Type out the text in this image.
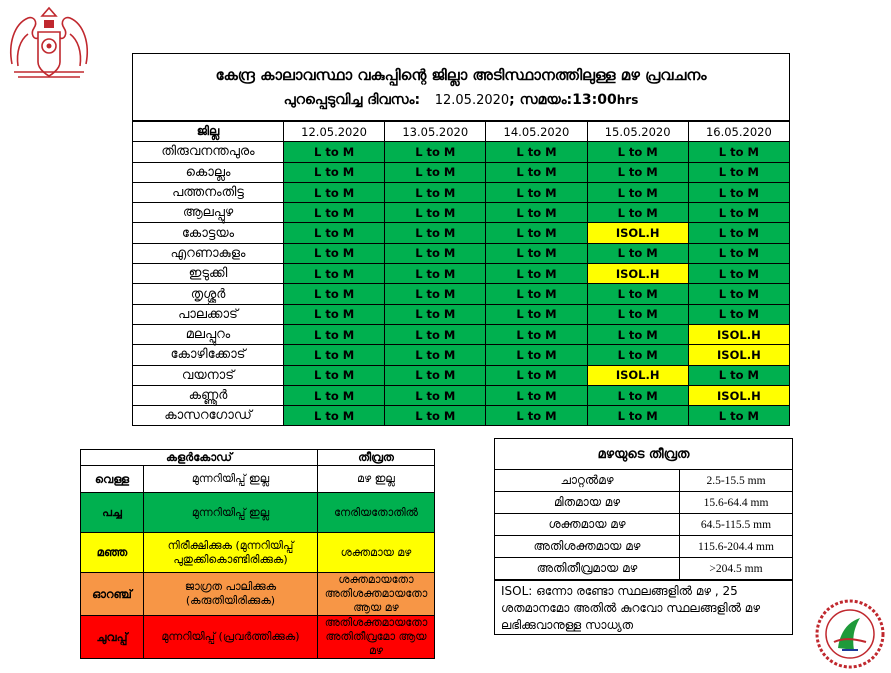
കേന്ദ്ര കാലാവസ്ഥാ വകുപ്പിന്റെ ജില്ലാ അടിസ്ഥാനത്തിലുള്ള മഴ പ്രവചനം
പുറപ്പെടുവിച്ച ദിവസം: 12.05.2020; സമയം:13:00hrs
ജില്ല	12.05.2020	13.05.2020	14.05.2020	15.05.2020	16.05.2020
തിരുവനന്തപുരം	L to M	L to M	L to M	L to M	L to M
കൊല്ലം	L to M	L to M	L to M	L to M	L to M
പത്തനംതിട്ട	L to M	L to M	L to M	L to M	L to M
ആലപ്പുഴ	L to M	L to M	L to M	L to M	L to M
കോട്ടയം	L to M	L to M	L to M	ISOL.H	L to M
എറണാകുളം	L to M	L to M	L to M	L to M	L to M
ഇടുക്കി	L to M	L to M	L to M	ISOL.H	L to M
തൃശ്ശൂർ	L to M	L to M	L to M	L to M	L to M
പാലക്കാട്	L to M	L to M	L to M	L to M	L to M
മലപ്പുറം	L to M	L to M	L to M	L to M	ISOL.H
കോഴിക്കോട്	L to M	L to M	L to M	L to M	ISOL.H
വയനാട്	L to M	L to M	L to M	ISOL.H	L to M
കണ്ണൂർ	L to M	L to M	L to M	L to M	ISOL.H
കാസറഗോഡ്	L to M	L to M	L to M	L to M	L to M
കളർകോഡ്		തീവ്രത
വെള്ള	മുന്നറിയിപ്പ് ഇല്ല	മഴ ഇല്ല
പച്ച	മുന്നറിയിപ്പ് ഇല്ല	നേരിയതോതിൽ
മഞ്ഞ	നിരീക്ഷിക്കുക (മുന്നറിയിപ്പ് പുതുക്കികൊണ്ടിരിക്കുക)	ശക്തമായ മഴ
ഓറഞ്ച്	ജാഗ്രത പാലിക്കുക (കരുതിയിരിക്കുക)	ശക്തമായതോ അതിശക്തമായതോ ആയ മഴ
ചുവപ്പ്	മുന്നറിയിപ്പ് (പ്രവർത്തിക്കുക)	അതിശക്തമായതോ അതിതീവ്രമോ ആയ മഴ
മഴയുടെ തീവ്രത	
ചാറ്റൽമഴ	2.5-15.5 mm
മിതമായ മഴ	15.6-64.4 mm
ശക്തമായ മഴ	64.5-115.5 mm
അതിശക്തമായ മഴ	115.6-204.4 mm
അതിതീവ്രമായ മഴ	>204.5 mm
ISOL: ഒന്നോ രണ്ടോ സ്ഥലങ്ങളിൽ മഴ , 25 ശതമാനമോ അതിൽ കുറവോ സ്ഥലങ്ങളിൽ മഴ ലഭിക്കുവാനുള്ള സാധ്യത
